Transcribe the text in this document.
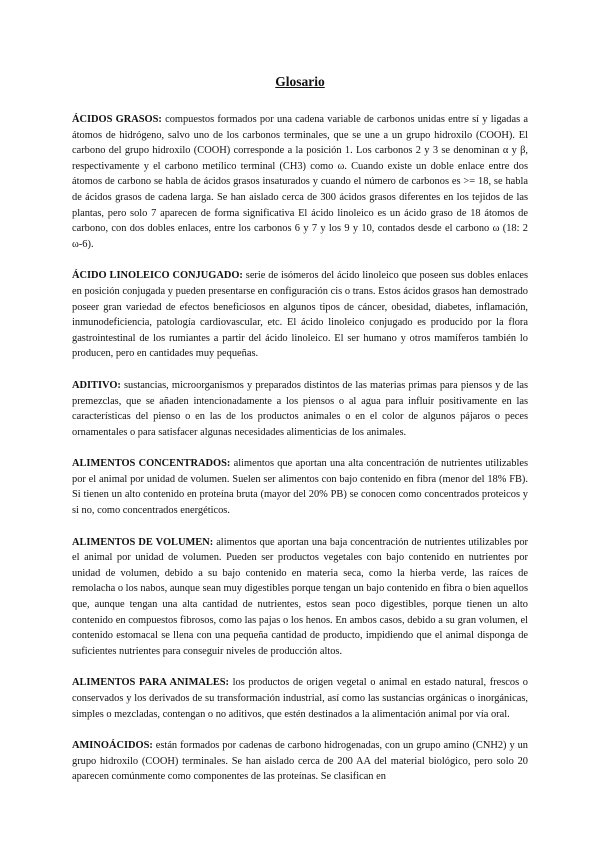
Glosario

ÁCIDOS GRASOS: compuestos formados por una cadena variable de carbonos unidas entre sí y ligadas a átomos de hidrógeno, salvo uno de los carbonos terminales, que se une a un grupo hidroxilo (COOH). El carbono del grupo hidroxilo (COOH) corresponde a la posición 1. Los carbonos 2 y 3 se denominan α y β, respectivamente y el carbono metílico terminal (CH3) como ω. Cuando existe un doble enlace entre dos átomos de carbono se habla de ácidos grasos insaturados y cuando el número de carbonos es >= 18, se habla de ácidos grasos de cadena larga. Se han aislado cerca de 300 ácidos grasos diferentes en los tejidos de las plantas, pero solo 7 aparecen de forma significativa El ácido linoleico es un ácido graso de 18 átomos de carbono, con dos dobles enlaces, entre los carbonos 6 y 7 y los 9 y 10, contados desde el carbono ω (18: 2 ω-6).

ÁCIDO LINOLEICO CONJUGADO: serie de isómeros del ácido linoleico que poseen sus dobles enlaces en posición conjugada y pueden presentarse en configuración cis o trans. Estos ácidos grasos han demostrado poseer gran variedad de efectos beneficiosos en algunos tipos de cáncer, obesidad, diabetes, inflamación, inmunodeficiencia, patología cardiovascular, etc. El ácido linoleico conjugado es producido por la flora gastrointestinal de los rumiantes a partir del ácido linoleico. El ser humano y otros mamíferos también lo producen, pero en cantidades muy pequeñas.

ADITIVO: sustancias, microorganismos y preparados distintos de las materias primas para piensos y de las premezclas, que se añaden intencionadamente a los piensos o al agua para influir positivamente en las características del pienso o en las de los productos animales o en el color de algunos pájaros o peces ornamentales o para satisfacer algunas necesidades alimenticias de los animales.

ALIMENTOS CONCENTRADOS: alimentos que aportan una alta concentración de nutrientes utilizables por el animal por unidad de volumen. Suelen ser alimentos con bajo contenido en fibra (menor del 18% FB). Si tienen un alto contenido en proteína bruta (mayor del 20% PB) se conocen como concentrados proteicos y si no, como concentrados energéticos.

ALIMENTOS DE VOLUMEN: alimentos que aportan una baja concentración de nutrientes utilizables por el animal por unidad de volumen. Pueden ser productos vegetales con bajo contenido en nutrientes por unidad de volumen, debido a su bajo contenido en materia seca, como la hierba verde, las raíces de remolacha o los nabos, aunque sean muy digestibles porque tengan un bajo contenido en fibra o bien aquellos que, aunque tengan una alta cantidad de nutrientes, estos sean poco digestibles, porque tienen un alto contenido en compuestos fibrosos, como las pajas o los henos. En ambos casos, debido a su gran volumen, el contenido estomacal se llena con una pequeña cantidad de producto, impidiendo que el animal disponga de suficientes nutrientes para conseguir niveles de producción altos.

ALIMENTOS PARA ANIMALES: los productos de origen vegetal o animal en estado natural, frescos o conservados y los derivados de su transformación industrial, así como las sustancias orgánicas o inorgánicas, simples o mezcladas, contengan o no aditivos, que estén destinados a la alimentación animal por vía oral.

AMINOÁCIDOS: están formados por cadenas de carbono hidrogenadas, con un grupo amino (CNH2) y un grupo hidroxilo (COOH) terminales. Se han aislado cerca de 200 AA del material biológico, pero solo 20 aparecen comúnmente como componentes de las proteínas. Se clasifican en
